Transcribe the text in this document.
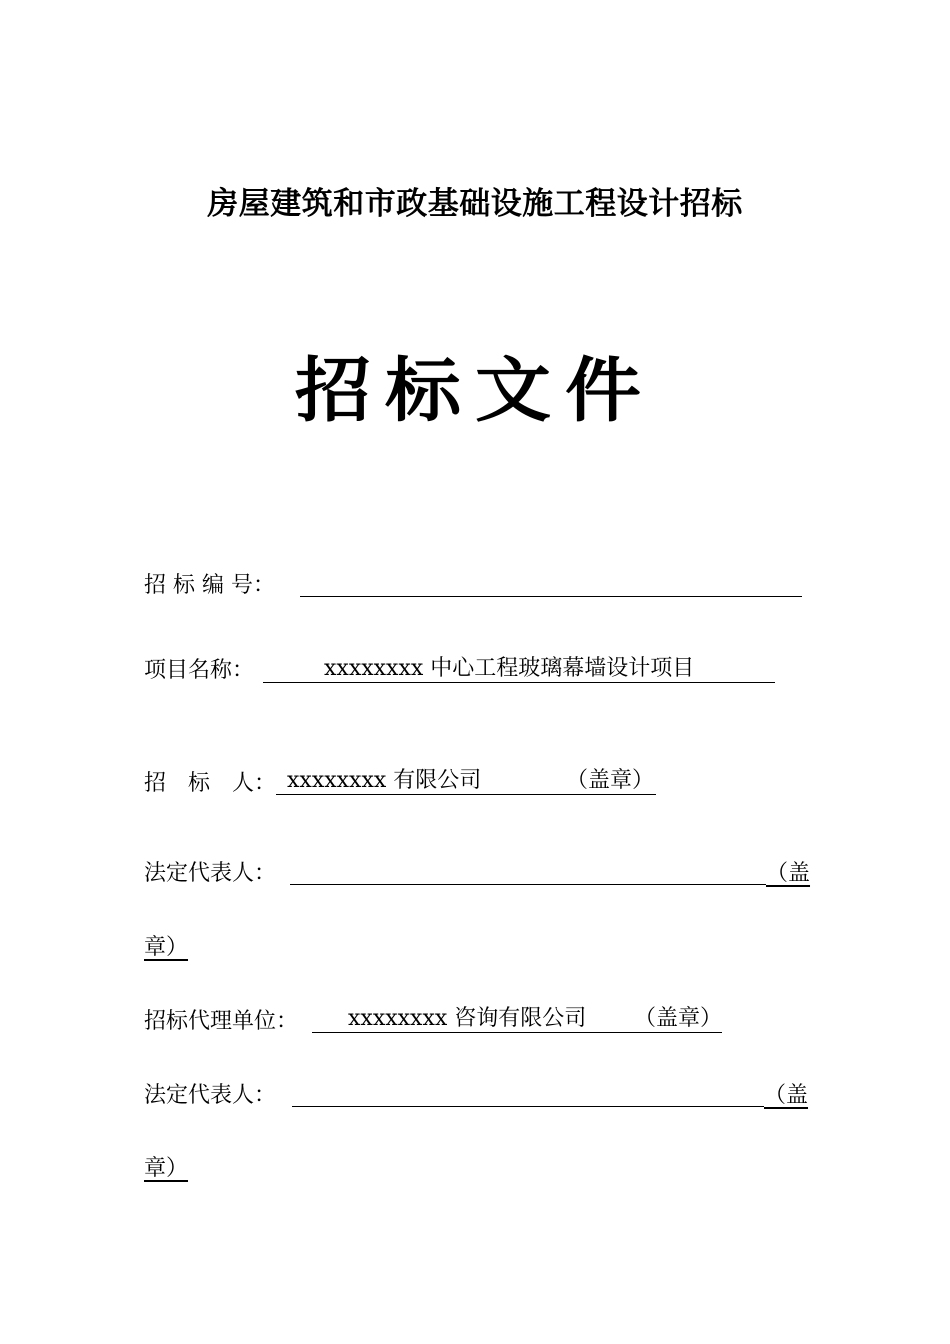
房屋建筑和市政基础设施工程设计招标
招标文件
招 标 编 号：
项目名称：	xxxxxxxx 中心工程玻璃幕墙设计项目
招　标　人： xxxxxxxx 有限公司	（盖章）
法定代表人：	（盖
章）
招标代理单位： xxxxxxxx 咨询有限公司 （盖章）
法定代表人：	（盖
章）
